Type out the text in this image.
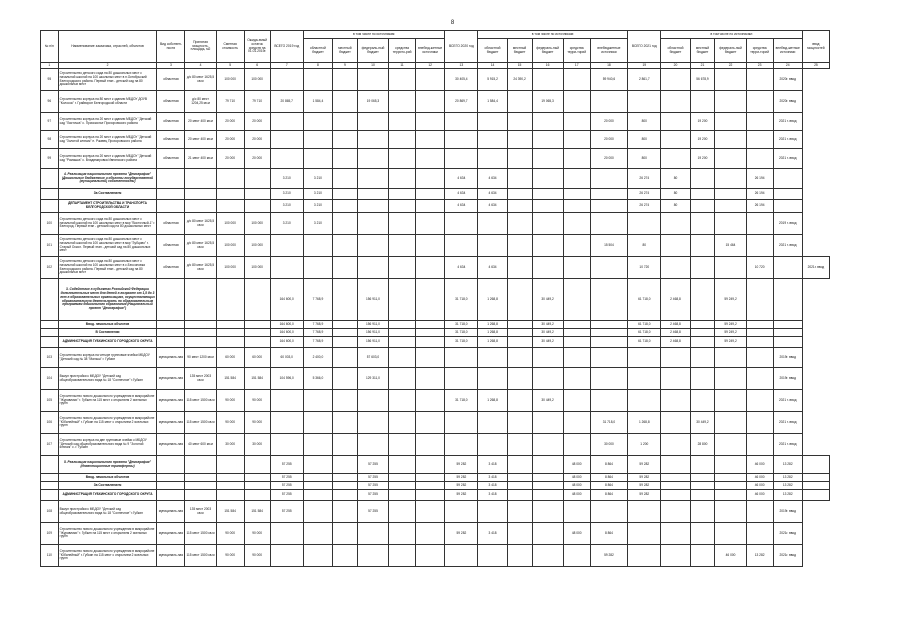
8
№ п/п	Наименование заказчика, отраслей, объектов	Вид собствен-ности	Принятая мощность, площадь, м2	Сметная стоимость	Ожида-емый остаток средств на 01.01.2019г.	ВСЕГО 2019 год	в том числе по источникам:					ВСЕГО 2020 год	в том числе по источникам:					ВСЕГО 2021 год	в том числе по источникам:					ввод мощностей
							областной бюджет	местный бюджет	федераль-ный бюджет	средства террито-рий	внебюд-жетные источники		областной бюджет	местный бюджет	федераль-ный бюджет	средства терри-торий	внебюджетные источники		областной бюджет	местный бюджет	федераль-ный бюджет	средства терри-торий	внебюд-жетные источники	
1	2	3	4	5	6	7	8	9	10	11	12	13	14	15	16	17	18	19	20	21	22	23	24	25
95	Строительство детского сада на 80 дошкольных мест с начальной школой на 100 школьных мест в п.Октябрьский Белгородского района. Первый этап - детский сад на 80 дошкольных мест	областная	д/с 80 мест 1625,5 кв.м	100 000	100 000							30 405,4	5 915,2	24 390,2			59 940,6	2 861,7		56 678,9			2020г. ввод	
96	Строительство корпуса на 80 мест к зданию МБДОУ ДОУВ "Колосок" г. Грайворон Белгородской области	областная	д/с 80 мест 1204,25 кв.м	79 710	79 710	20 865,7	1 584,4		19 065,3			20 869,7	1 584,4		19 065,3								2020г. ввод	
97	Строительство корпуса на 20 мест к зданию МБДОУ "Детский сад "Ласточка" с. Приосколье Прохоровского района	областная	20 мест 400 кв.м	20 000	20 000												20 000	800		19 200			2021 г. ввод	
98	Строительство корпуса на 20 мест к зданию МБДОУ "Детский сад "Золотой ключик" п. Ржавец Прохоровского района	областная	20 мест 400 кв.м	20 000	20 000												20 000	800		19 200			2021 г. ввод	
99	Строительство корпуса на 20 мест к зданию МБДОУ "Детский сад "Ромашка" с. Владимировка Ивнянского района	областная	21 мест 400 кв.м	20 000	20 000												20 000	800		19 200			2021 г. ввод	
	4. Реализация национального проекта "Демография" (Дошкольные бюджетные и объекты государственной (муниципальной) собственности)					3 210	3 210					4 634	4 634					26 274	80			26 194		
	За Составлением					3 210	3 210					4 634	4 634					26 274	80			26 194		
	ДЕПАРТАМЕНТ СТРОИТЕЛЬСТВА И ТРАНСПОРТА БЕЛГОРОДСКОЙ ОБЛАСТИ					3 210	3 210					4 634	4 634					26 274	80			26 194		
100	Строительство детского сада на 80 дошкольных мест с начальной школой на 100 школьных мест в мкр "Восточный-1" г. Белгород. Первый этап - детский сад на 80 дошкольных мест	областная	д/с 80 мест 1625,5 кв.м	100 000	100 000	3 210	3 210																2019 г. ввод	
101	Строительство детского сада на 80 дошкольных мест с начальной школой на 100 школьных мест в мкр "Зубцово" г. Старый Оскол. Первый этап - детский сад на 80 дошкольных мест	областная	д/с 80 мест 1625,5 кв.м	100 000	100 000												15 504	80			15 464		2021 г. ввод	
102	Строительство детского сада на 80 дошкольных мест с начальной школой на 100 школьных мест в с.Бессоновка Белгородского района. Первый этап - детский сад на 80 дошкольных мест	областная	д/с 80 мест 1625,5 кв.м	100 000	100 000							4 634	4 634					10 720				10 720		2021г. ввод
	3. Содействие в субъектах Российской Федерации дополнительных мест для детей в возрасте от 1,5 до 3 лет в образовательных организациях, осуществляющих образовательную деятельность по образовательным программам дошкольного образования (Национальный проект "Демография")					164 600,0	7 768,9		156 911,0			31 718,0	1 268,8		30 449,2			61 718,0	2 468,8		59 249,2			
	Ввод. начальных объектов					164 600,0	7 768,9		156 911,0			31 718,0	1 268,8		30 449,2			61 718,0	2 468,8		59 249,2			
	В Составлении					164 600,0	7 768,9		156 911,0			31 718,0	1 268,8		30 449,2			61 718,0	2 468,8		59 249,2			
	АДМИНИСТРАЦИЯ ГУБКИНСКОГО ГОРОДСКОГО ОКРУГА					164 600,0	7 768,9		156 911,0			31 718,0	1 268,8		30 449,2			61 718,0	2 468,8		59 249,2			
103	Строительство корпуса на четыре групповые ячейки МБДОУ "Детский сад № 38 "Малыш" г. Губкин	муниципаль-ная	90 мест 1200 кв.м	60 000	60 000	60 003,0	2 400,0		57 603,0														2019г. ввод	
104	Выкуп пристройки к МБДОУ "Детский сад общеобразовательного вида № 18 "Солнечное" г.Губкин	муниципаль-ная	135 мест 2003 кв.м	151 584	151 584	104 596,0	5 366,0		129 311,0														2019г. ввод	
105	Строительство нового дошкольного учреждения в микрорайоне "Журавлики" г. Губкин на 115 мест с открытием 2 ясельных групп	муниципаль-ная	115 мест 1500 кв.м	90 000	90 000							31 718,0	1 268,8		30 449,2								2021 г. ввод	
106	Строительство нового дошкольного учреждения в микрорайоне "Юбилейный" г. Губкин на 115 мест с открытием 2 ясельных групп	муниципаль-ная	115 мест 1500 кв.м	90 000	90 000												31 718,0	1 268,8		30 449,2			2021 г. ввод	
107	Строительство корпуса на две групповые ячейки к МБДОУ "Детский сад общеобразовательного вида № 9 "Золотой ключик" с. г. Губкин	муниципаль-ная	40 мест 600 кв.м	30 000	30 000												30 000	1 200		28 800			2021 г. ввод	
	5. Реализация национального проекта "Демография" (Инвестиционные трансферты)					57 255			57 255			59 282	3 418			48 000	8 864	59 282				46 000	13 282	
	Ввод. начальных объектов					57 255			57 255			59 282	3 418			48 000	8 864	59 282				46 000	13 282	
	За Составлением					57 255			57 255			59 282	3 418			48 000	8 864	59 282				46 000	13 282	
	АДМИНИСТРАЦИЯ ГУБКИНСКОГО ГОРОДСКОГО ОКРУГА					57 255			57 255			59 282	3 418			48 000	8 864	59 282				46 000	13 282	
108	Выкуп пристройки к МБДОУ "Детский сад общеобразовательного вида № 18 "Солнечное" г.Губкин	муниципаль-ная	135 мест 2003 кв.м	151 584	151 584	57 255			57 255														2019г. ввод	
109	Строительство нового дошкольного учреждения в микрорайоне "Журавлики" г. Губкин на 115 мест с открытием 2 ясельных групп	муниципаль-ная	115 мест 1500 кв.м	90 000	90 000							59 282	3 418			48 000	8 864						2021г. ввод	
110	Строительство нового дошкольного учреждения в микрорайоне "Юбилейный" г. Губкин на 115 мест с открытием 2 ясельных групп	муниципаль-ная	115 мест 1500 кв.м	90 000	90 000												59 282				46 000	13 282	2021г. ввод	
